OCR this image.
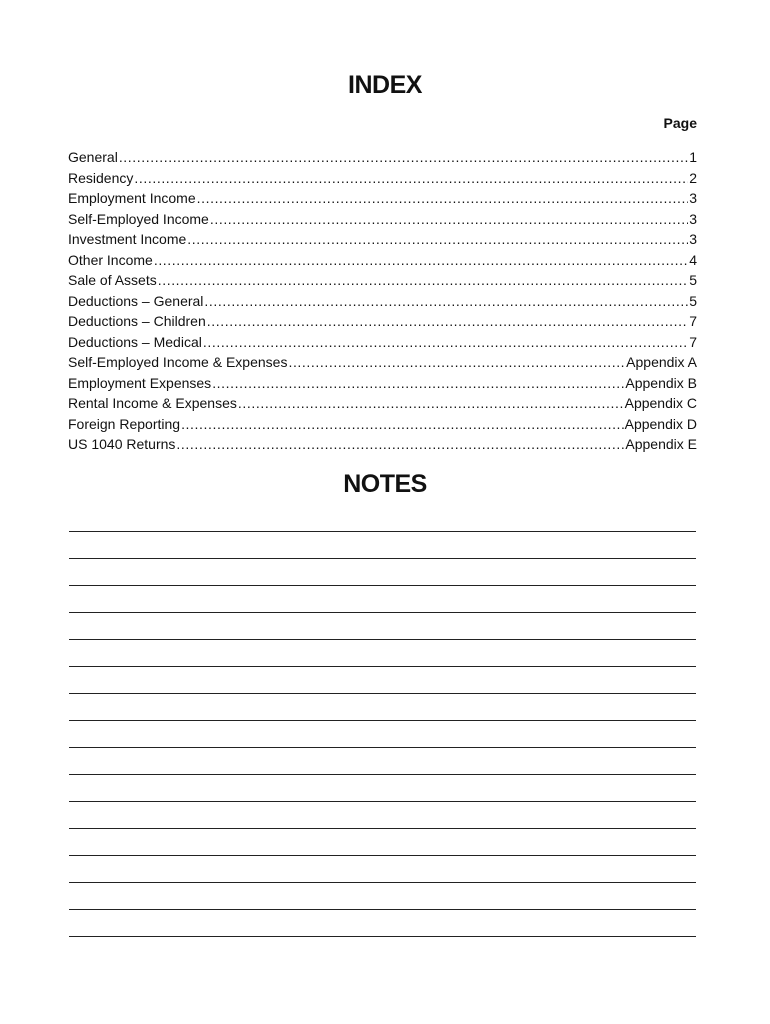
INDEX
Page
General .....	1
Residency .....	2
Employment Income .....	3
Self-Employed Income .....	3
Investment Income .....	3
Other Income .....	4
Sale of Assets .....	5
Deductions – General .....	5
Deductions – Children .....	7
Deductions – Medical .....	7
Self-Employed Income & Expenses .....	Appendix A
Employment Expenses .....	Appendix B
Rental Income & Expenses .....	Appendix C
Foreign Reporting .....	Appendix D
US 1040 Returns .....	Appendix E
NOTES
